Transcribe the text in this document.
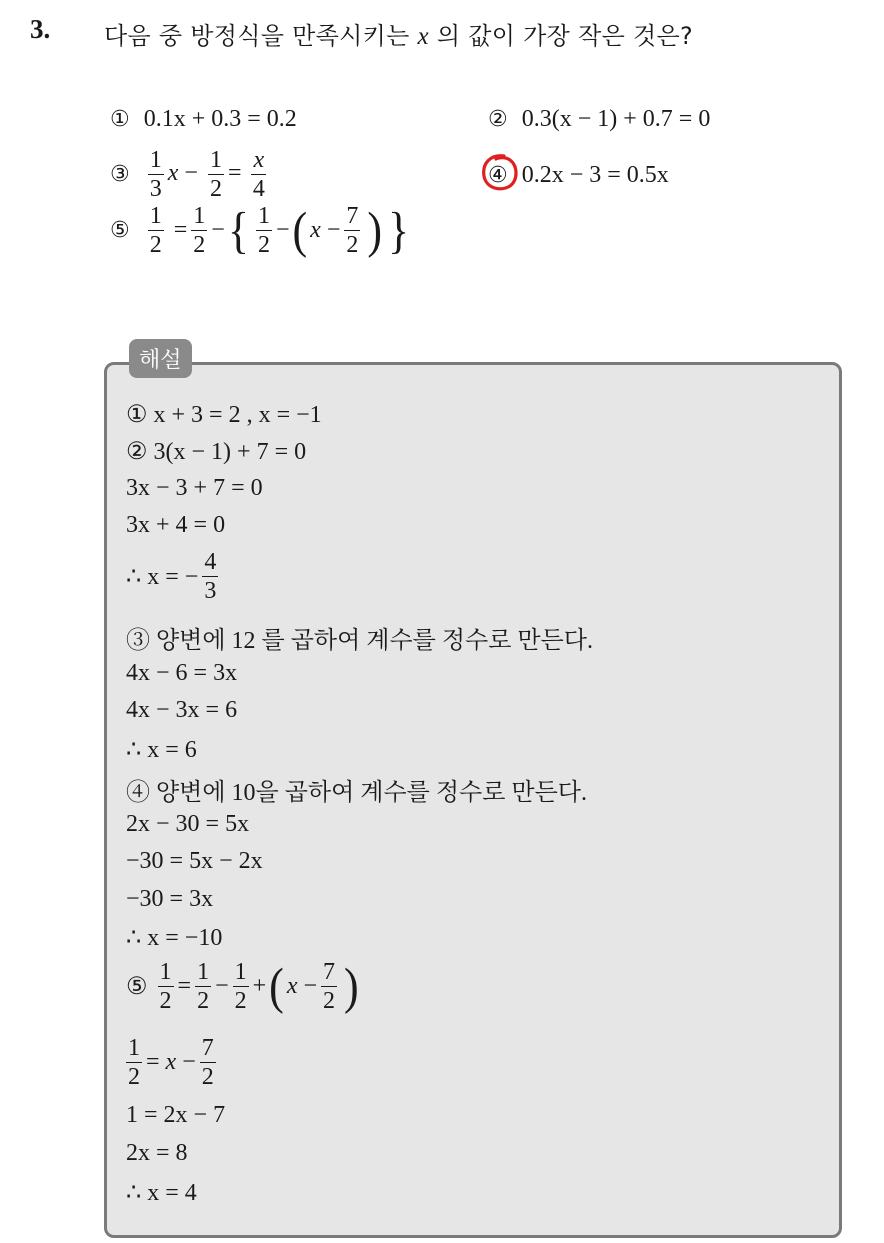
3. 다음 중 방정식을 만족시키는 x 의 값이 가장 작은 것은?
① 0.1x + 0.3 = 0.2	② 0.3(x − 1) + 0.7 = 0
③ $\frac{1}{3}$ $x - \frac{1}{2} = \frac{x}{4}$	④ 0.2x − 3 = 0.5x
⑤ $\frac{1}{2} = \frac{1}{2}$ − { $\frac{1}{2}$ − ( $x - \frac{7}{2}$ ) }
해설
① x + 3 = 2 , x = −1
② 3(x − 1) + 7 = 0
3x − 3 + 7 = 0
3x + 4 = 0
∴ x = − $\frac{4}{3}$
③ 양변에 12 를 곱하여 계수를 정수로 만든다.
4x − 6 = 3x
4x − 3x = 6
∴ x = 6
④ 양변에 10을 곱하여 계수를 정수로 만든다.
2x − 30 = 5x
−30 = 5x − 2x
−30 = 3x
∴ x = −10
⑤ $\frac{1}{2} = \frac{1}{2} - \frac{1}{2}$ + ( $x - \frac{7}{2}$ )
$\frac{1}{2} = x - \frac{7}{2}$
1 = 2x − 7
2x = 8
∴ x = 4
